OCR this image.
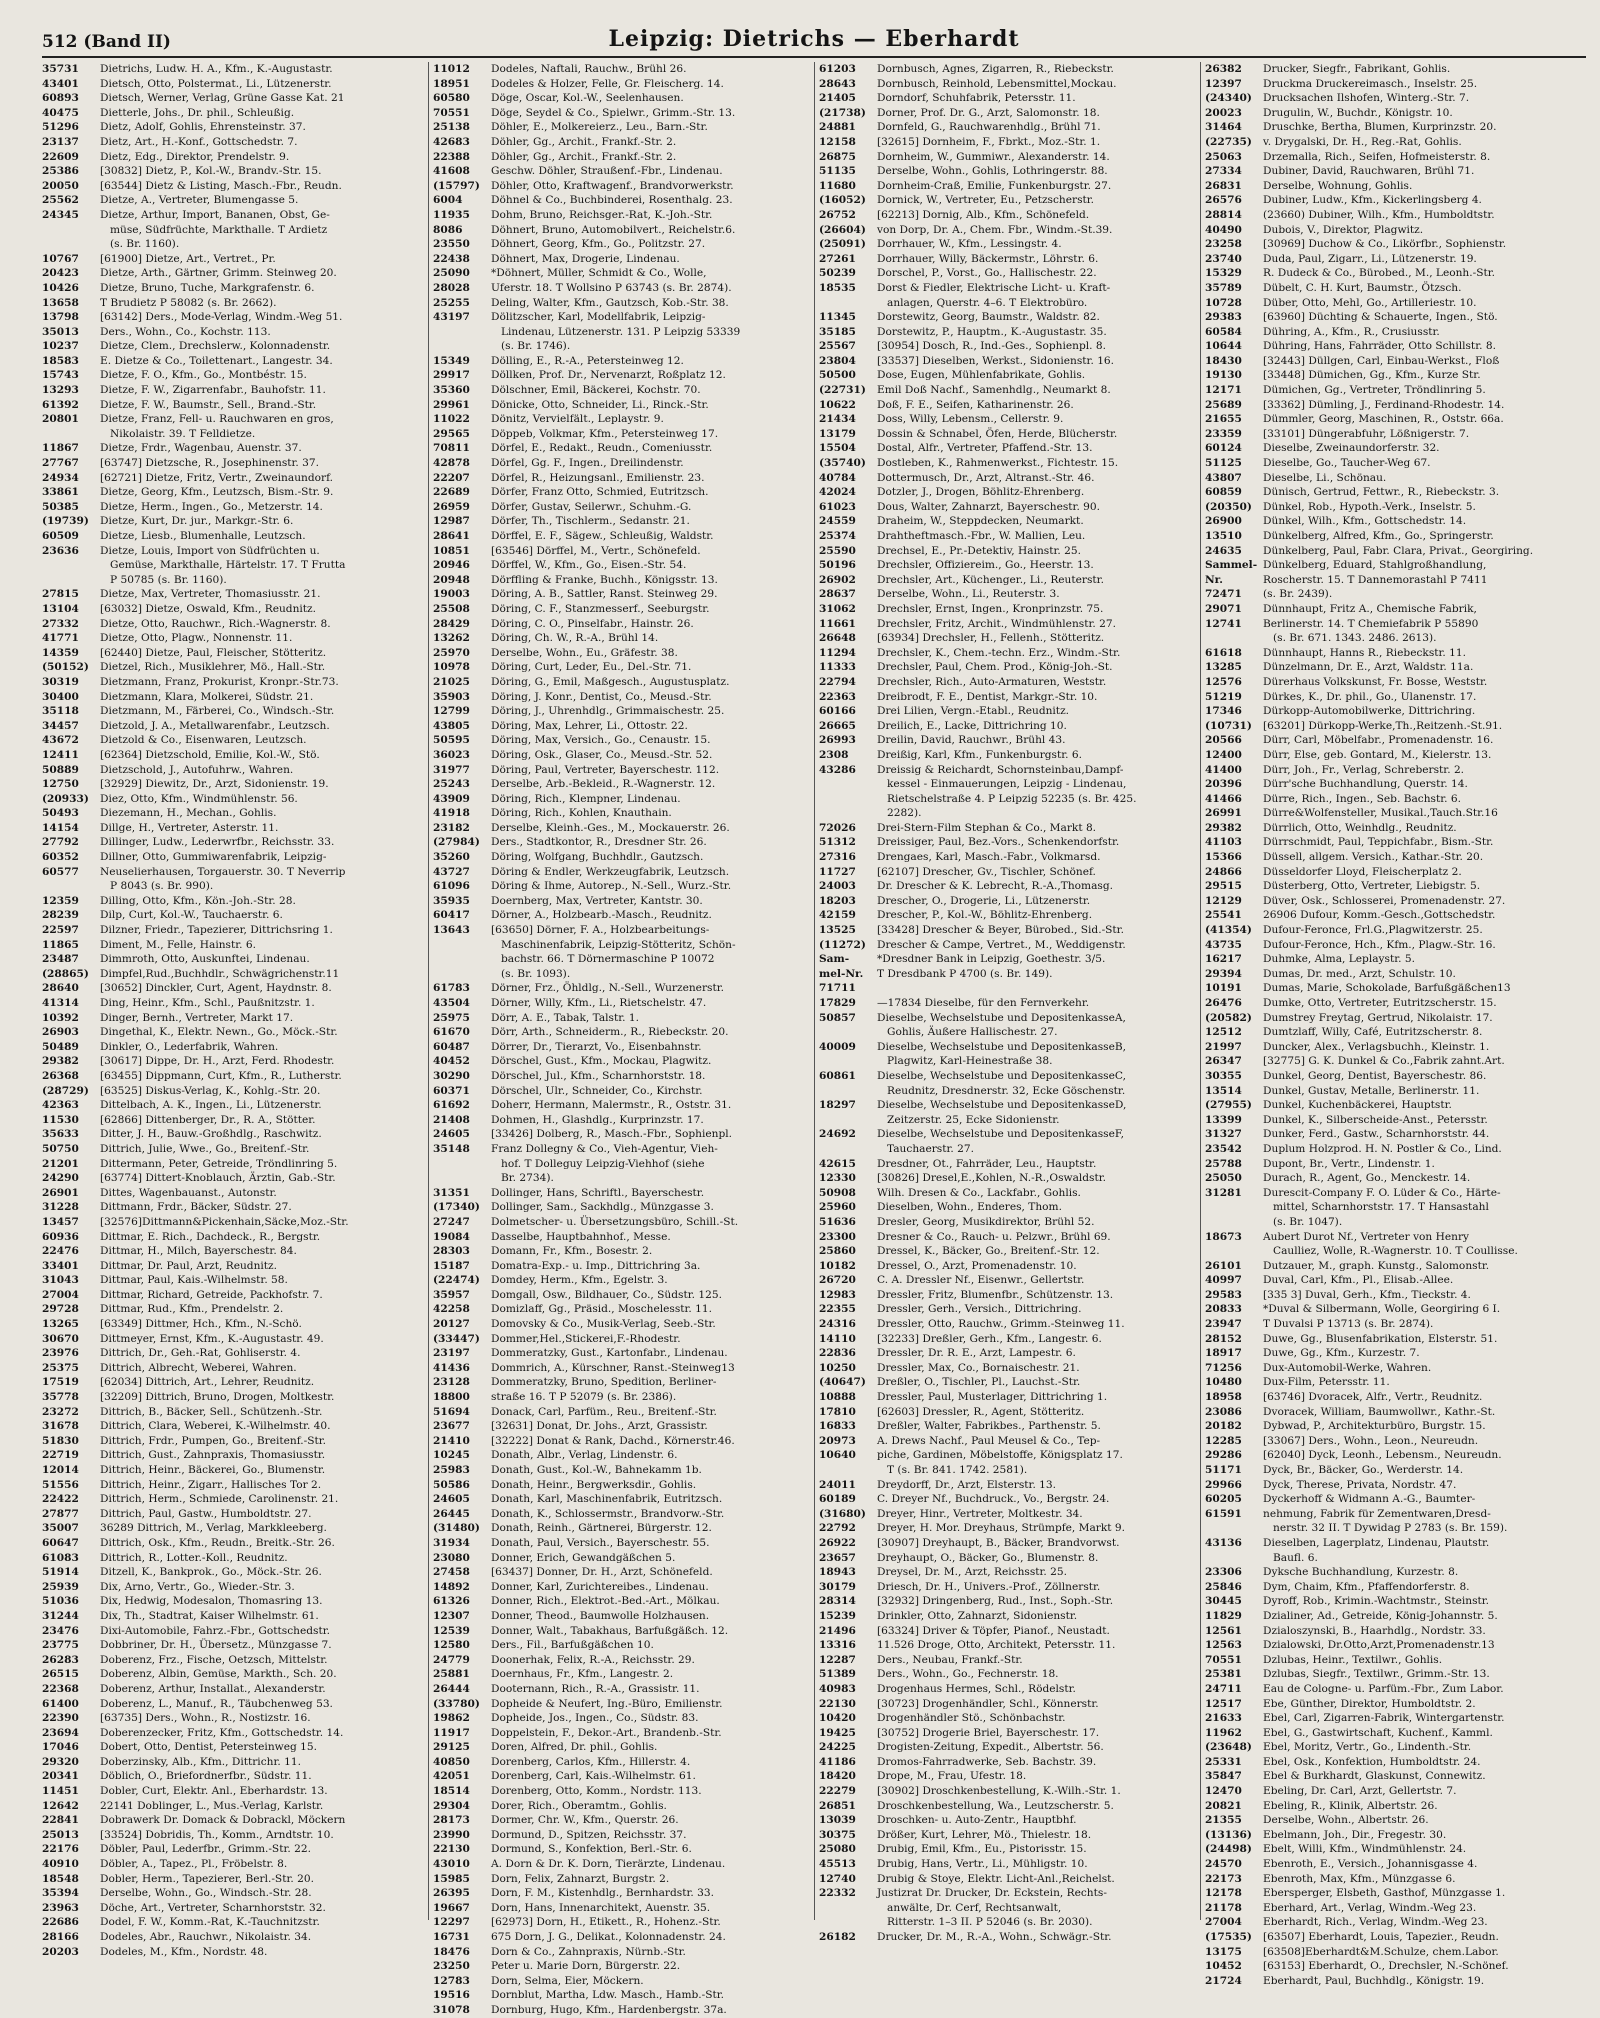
512 (Band II)	Leipzig: Dietrichs — Eberhardt
35731	Dietrichs, Ludw. H. A., Kfm., K.-Augustastr.
43401	Dietsch, Otto, Polstermat., Li., Lützenerstr.
60893	Dietsch, Werner, Verlag, Grüne Gasse Kat. 21
40475	Dietterle, Johs., Dr. phil., Schleußig.
51296	Dietz, Adolf, Gohlis, Ehrensteinstr. 37.
23137	Dietz, Art., H.-Konf., Gottschedstr. 7.
22609	Dietz, Edg., Direktor, Prendelstr. 9.
25386	[30832] Dietz, P., Kol.-W., Brandv.-Str. 15.
20050	[63544] Dietz & Listing, Masch.-Fbr., Reudn.
25562	Dietze, A., Vertreter, Blumengasse 5.
24345	Dietze, Arthur, Import, Bananen, Obst, Ge-
müse, Südfrüchte, Markthalle. T Ardietz
(s. Br. 1160).
10767	[61900] Dietze, Art., Vertret., Pr.
20423	Dietze, Arth., Gärtner, Grimm. Steinweg 20.
10426	Dietze, Bruno, Tuche, Markgrafenstr. 6.
13658	T Brudietz P 58082 (s. Br. 2662).
13798	[63142] Ders., Mode-Verlag, Windm.-Weg 51.
35013	Ders., Wohn., Co., Kochstr. 113.
10237	Dietze, Clem., Drechslerw., Kolonnadenstr.
18583	E. Dietze & Co., Toilettenart., Langestr. 34.
15743	Dietze, F. O., Kfm., Go., Montbéstr. 15.
13293	Dietze, F. W., Zigarrenfabr., Bauhofstr. 11.
61392	Dietze, F. W., Baumstr., Sell., Brand.-Str.
20801	Dietze, Franz, Fell- u. Rauchwaren en gros,
Nikolaistr. 39. T Felldietze.
11867	Dietze, Frdr., Wagenbau, Auenstr. 37.
27767	[63747] Dietzsche, R., Josephinenstr. 37.
24934	[62721] Dietze, Fritz, Vertr., Zweinaundorf.
33861	Dietze, Georg, Kfm., Leutzsch, Bism.-Str. 9.
50385	Dietze, Herm., Ingen., Go., Metzerstr. 14.
(19739)	Dietze, Kurt, Dr. jur., Markgr.-Str. 6.
60509	Dietze, Liesb., Blumenhalle, Leutzsch.
23636	Dietze, Louis, Import von Südfrüchten u.
Gemüse, Markthalle, Härtelstr. 17. T Frutta
P 50785 (s. Br. 1160).
27815	Dietze, Max, Vertreter, Thomasiusstr. 21.
13104	[63032] Dietze, Oswald, Kfm., Reudnitz.
27332	Dietze, Otto, Rauchwr., Rich.-Wagnerstr. 8.
41771	Dietze, Otto, Plagw., Nonnenstr. 11.
14359	[62440] Dietze, Paul, Fleischer, Stötteritz.
(50152)	Dietzel, Rich., Musiklehrer, Mö., Hall.-Str.
30319	Dietzmann, Franz, Prokurist, Kronpr.-Str.73.
30400	Dietzmann, Klara, Molkerei, Südstr. 21.
35118	Dietzmann, M., Färberei, Co., Windsch.-Str.
34457	Dietzold, J. A., Metallwarenfabr., Leutzsch.
43672	Dietzold & Co., Eisenwaren, Leutzsch.
12411	[62364] Dietzschold, Emilie, Kol.-W., Stö.
50889	Dietzschold, J., Autofuhrw., Wahren.
12750	[32929] Diewitz, Dr., Arzt, Sidonienstr. 19.
(20933)	Diez, Otto, Kfm., Windmühlenstr. 56.
50493	Diezemann, H., Mechan., Gohlis.
14154	Dillge, H., Vertreter, Asterstr. 11.
27792	Dillinger, Ludw., Lederwrfbr., Reichsstr. 33.
60352	Dillner, Otto, Gummiwarenfabrik, Leipzig-
60577	Neuselierhausen, Torgauerstr. 30. T Neverrip
P 8043 (s. Br. 990).
12359	Dilling, Otto, Kfm., Kön.-Joh.-Str. 28.
28239	Dilp, Curt, Kol.-W., Tauchaerstr. 6.
22597	Dilzner, Friedr., Tapezierer, Dittrichsring 1.
11865	Diment, M., Felle, Hainstr. 6.
23487	Dimmroth, Otto, Auskunftei, Lindenau.
(28865)	Dimpfel,Rud.,Buchhdlr., Schwägrichenstr.11
28640	[30652] Dinckler, Curt, Agent, Haydnstr. 8.
41314	Ding, Heinr., Kfm., Schl., Paußnitzstr. 1.
10392	Dinger, Bernh., Vertreter, Markt 17.
26903	Dingethal, K., Elektr. Newn., Go., Möck.-Str.
50489	Dinkler, O., Lederfabrik, Wahren.
29382	[30617] Dippe, Dr. H., Arzt, Ferd. Rhodestr.
26368	[63455] Dippmann, Curt, Kfm., R., Lutherstr.
(28729)	[63525] Diskus-Verlag, K., Kohlg.-Str. 20.
42363	Dittelbach, A. K., Ingen., Li., Lützenerstr.
11530	[62866] Dittenberger, Dr., R. A., Stötter.
35633	Ditter, J. H., Bauw.-Großhdlg., Raschwitz.
50750	Dittrich, Julie, Wwe., Go., Breitenf.-Str.
21201	Dittermann, Peter, Getreide, Tröndlinring 5.
24290	[63774] Dittert-Knoblauch, Ärztin, Gab.-Str.
26901	Dittes, Wagenbauanst., Autonstr.
31228	Dittmann, Frdr., Bäcker, Südstr. 27.
13457	[32576]Dittmann&Pickenhain,Säcke,Moz.-Str.
60936	Dittmar, E. Rich., Dachdeck., R., Bergstr.
22476	Dittmar, H., Milch, Bayerschestr. 84.
33401	Dittmar, Dr. Paul, Arzt, Reudnitz.
31043	Dittmar, Paul, Kais.-Wilhelmstr. 58.
27004	Dittmar, Richard, Getreide, Packhofstr. 7.
29728	Dittmar, Rud., Kfm., Prendelstr. 2.
13265	[63349] Dittmer, Hch., Kfm., N.-Schö.
30670	Dittmeyer, Ernst, Kfm., K.-Augustastr. 49.
23976	Dittrich, Dr., Geh.-Rat, Gohliserstr. 4.
25375	Dittrich, Albrecht, Weberei, Wahren.
17519	[62034] Dittrich, Art., Lehrer, Reudnitz.
35778	[32209] Dittrich, Bruno, Drogen, Moltkestr.
23272	Dittrich, B., Bäcker, Sell., Schützenh.-Str.
31678	Dittrich, Clara, Weberei, K.-Wilhelmstr. 40.
51830	Dittrich, Frdr., Pumpen, Go., Breitenf.-Str.
22719	Dittrich, Gust., Zahnpraxis, Thomasiusstr.
12014	Dittrich, Heinr., Bäckerei, Go., Blumenstr.
51556	Dittrich, Heinr., Zigarr., Hallisches Tor 2.
22422	Dittrich, Herm., Schmiede, Carolinenstr. 21.
27877	Dittrich, Paul, Gastw., Humboldtstr. 27.
35007	36289 Dittrich, M., Verlag, Markkleeberg.
60647	Dittrich, Osk., Kfm., Reudn., Breitk.-Str. 26.
61083	Dittrich, R., Lotter.-Koll., Reudnitz.
51914	Ditzell, K., Bankprok., Go., Möck.-Str. 26.
25939	Dix, Arno, Vertr., Go., Wieder.-Str. 3.
51036	Dix, Hedwig, Modesalon, Thomasring 13.
31244	Dix, Th., Stadtrat, Kaiser Wilhelmstr. 61.
23476	Dixi-Automobile, Fahrz.-Fbr., Gottschedstr.
23775	Dobbriner, Dr. H., Übersetz., Münzgasse 7.
26283	Doberenz, Frz., Fische, Oetzsch, Mittelstr.
26515	Doberenz, Albin, Gemüse, Markth., Sch. 20.
22368	Doberenz, Arthur, Installat., Alexanderstr.
61400	Doberenz, L., Manuf., R., Täubchenweg 53.
22390	[63735] Ders., Wohn., R., Nostizstr. 16.
23694	Doberenzecker, Fritz, Kfm., Gottschedstr. 14.
17046	Dobert, Otto, Dentist, Petersteinweg 15.
29320	Doberzinsky, Alb., Kfm., Dittrichr. 11.
20341	Döblich, O., Briefordnerfbr., Südstr. 11.
11451	Dobler, Curt, Elektr. Anl., Eberhardstr. 13.
12642	22141 Doblinger, L., Mus.-Verlag, Karlstr.
22841	Dobrawerk Dr. Domack & Dobrackl, Möckern
25013	[33524] Dobridis, Th., Komm., Arndtstr. 10.
22176	Döbler, Paul, Lederfbr., Grimm.-Str. 22.
40910	Döbler, A., Tapez., Pl., Fröbelstr. 8.
18548	Dobler, Herm., Tapezierer, Berl.-Str. 20.
35394	Derselbe, Wohn., Go., Windsch.-Str. 28.
23963	Döche, Art., Vertreter, Scharnhorststr. 32.
22686	Dodel, F. W., Komm.-Rat, K.-Tauchnitzstr.
28166	Dodeles, Abr., Rauchwr., Nikolaistr. 34.
20203	Dodeles, M., Kfm., Nordstr. 48.
11012	Dodeles, Naftali, Rauchw., Brühl 26.
18951	Dodeles & Holzer, Felle, Gr. Fleischerg. 14.
60580	Döge, Oscar, Kol.-W., Seelenhausen.
70551	Döge, Seydel & Co., Spielwr., Grimm.-Str. 13.
25138	Döhler, E., Molkereierz., Leu., Barn.-Str.
42683	Döhler, Gg., Archit., Frankf.-Str. 2.
22388	Döhler, Gg., Archit., Frankf.-Str. 2.
41608	Geschw. Döhler, Straußenf.-Fbr., Lindenau.
(15797)	Döhler, Otto, Kraftwagenf., Brandvorwerkstr.
6004	Döhnel & Co., Buchbinderei, Rosenthalg. 23.
11935	Dohm, Bruno, Reichsger.-Rat, K.-Joh.-Str.
8086	Döhnert, Bruno, Automobilvert., Reichelstr.6.
23550	Döhnert, Georg, Kfm., Go., Politzstr. 27.
22438	Döhnert, Max, Drogerie, Lindenau.
25090	*Döhnert, Müller, Schmidt & Co., Wolle,
28028	Uferstr. 18. T Wollsino P 63743 (s. Br. 2874).
25255	Deling, Walter, Kfm., Gautzsch, Kob.-Str. 38.
43197	Dölitzscher, Karl, Modellfabrik, Leipzig-
Lindenau, Lützenerstr. 131. P Leipzig 53339
(s. Br. 1746).
15349	Dölling, E., R.-A., Petersteinweg 12.
29917	Döllken, Prof. Dr., Nervenarzt, Roßplatz 12.
35360	Dölschner, Emil, Bäckerei, Kochstr. 70.
29961	Dönicke, Otto, Schneider, Li., Rinck.-Str.
11022	Dönitz, Vervielfält., Leplaystr. 9.
29565	Döppeb, Volkmar, Kfm., Petersteinweg 17.
70811	Dörfel, E., Redakt., Reudn., Comeniusstr.
42878	Dörfel, Gg. F., Ingen., Dreilindenstr.
22207	Dörfel, R., Heizungsanl., Emilienstr. 23.
22689	Dörfer, Franz Otto, Schmied, Eutritzsch.
26959	Dörfer, Gustav, Seilerwr., Schuhm.-G.
12987	Dörfer, Th., Tischlerm., Sedanstr. 21.
28641	Dörffel, E. F., Sägew., Schleußig, Waldstr.
10851	[63546] Dörffel, M., Vertr., Schönefeld.
20946	Dörffel, W., Kfm., Go., Eisen.-Str. 54.
20948	Dörffling & Franke, Buchh., Königsstr. 13.
19003	Döring, A. B., Sattler, Ranst. Steinweg 29.
25508	Döring, C. F., Stanzmesserf., Seeburgstr.
28429	Döring, C. O., Pinselfabr., Hainstr. 26.
13262	Döring, Ch. W., R.-A., Brühl 14.
25970	Derselbe, Wohn., Eu., Gräfestr. 38.
10978	Döring, Curt, Leder, Eu., Del.-Str. 71.
21025	Döring, G., Emil, Maßgesch., Augustusplatz.
35903	Döring, J. Konr., Dentist, Co., Meusd.-Str.
12799	Döring, J., Uhrenhdlg., Grimmaischestr. 25.
43805	Döring, Max, Lehrer, Li., Ottostr. 22.
50595	Döring, Max, Versich., Go., Cenaustr. 15.
36023	Döring, Osk., Glaser, Co., Meusd.-Str. 52.
31977	Döring, Paul, Vertreter, Bayerschestr. 112.
25243	Derselbe, Arb.-Bekleid., R.-Wagnerstr. 12.
43909	Döring, Rich., Klempner, Lindenau.
41918	Döring, Rich., Kohlen, Knauthain.
23182	Derselbe, Kleinh.-Ges., M., Mockauerstr. 26.
(27984)	Ders., Stadtkontor, R., Dresdner Str. 26.
35260	Döring, Wolfgang, Buchhdlr., Gautzsch.
43727	Döring & Endler, Werkzeugfabrik, Leutzsch.
61096	Döring & Ihme, Autorep., N.-Sell., Wurz.-Str.
35935	Doernberg, Max, Vertreter, Kantstr. 30.
60417	Dörner, A., Holzbearb.-Masch., Reudnitz.
13643	[63650] Dörner, F. A., Holzbearbeitungs-
Maschinenfabrik, Leipzig-Stötteritz, Schön-
bachstr. 66. T Dörnermaschine P 10072
(s. Br. 1093).
61783	Dörner, Frz., Öhldlg., N.-Sell., Wurzenerstr.
43504	Dörner, Willy, Kfm., Li., Rietschelstr. 47.
25975	Dörr, A. E., Tabak, Talstr. 1.
61670	Dörr, Arth., Schneiderm., R., Riebeckstr. 20.
60487	Dörrer, Dr., Tierarzt, Vo., Eisenbahnstr.
40452	Dörschel, Gust., Kfm., Mockau, Plagwitz.
30290	Dörschel, Jul., Kfm., Scharnhorststr. 18.
60371	Dörschel, Ulr., Schneider, Co., Kirchstr.
61692	Doherr, Hermann, Malermstr., R., Oststr. 31.
21408	Dohmen, H., Glashdlg., Kurprinzstr. 17.
24605	[33426] Dolberg, R., Masch.-Fbr., Sophienpl.
35148	Franz Dollegny & Co., Vieh-Agentur, Vieh-
hof. T Dolleguy Leipzig-Viehhof (siehe
Br. 2734).
31351	Dollinger, Hans, Schriftl., Bayerschestr.
(17340)	Dollinger, Sam., Sackhdlg., Münzgasse 3.
27247	Dolmetscher- u. Übersetzungsbüro, Schill.-St.
19084	Dasselbe, Hauptbahnhof., Messe.
28303	Domann, Fr., Kfm., Bosestr. 2.
15187	Domatra-Exp.- u. Imp., Dittrichring 3a.
(22474)	Domdey, Herm., Kfm., Egelstr. 3.
35957	Domgall, Osw., Bildhauer, Co., Südstr. 125.
42258	Domizlaff, Gg., Präsid., Moschelesstr. 11.
20127	Domovsky & Co., Musik-Verlag, Seeb.-Str.
(33447)	Dommer,Hel.,Stickerei,F.-Rhodestr.
23197	Dommeratzky, Gust., Kartonfabr., Lindenau.
41436	Dommrich, A., Kürschner, Ranst.-Steinweg13
23128	Dommeratzky, Bruno, Spedition, Berliner-
18800	straße 16. T P 52079 (s. Br. 2386).
51694	Donack, Carl, Parfüm., Reu., Breitenf.-Str.
23677	[32631] Donat, Dr. Johs., Arzt, Grassistr.
21410	[32222] Donat & Rank, Dachd., Körnerstr.46.
10245	Donath, Albr., Verlag, Lindenstr. 6.
25983	Donath, Gust., Kol.-W., Bahnekamm 1b.
50586	Donath, Heinr., Bergwerksdir., Gohlis.
24605	Donath, Karl, Maschinenfabrik, Eutritzsch.
26445	Donath, K., Schlossermstr., Brandvorw.-Str.
(31480)	Donath, Reinh., Gärtnerei, Bürgerstr. 12.
31934	Donath, Paul, Versich., Bayerschestr. 55.
23080	Donner, Erich, Gewandgäßchen 5.
27458	[63437] Donner, Dr. H., Arzt, Schönefeld.
14892	Donner, Karl, Zurichtereibes., Lindenau.
61326	Donner, Rich., Elektrot.-Bed.-Art., Mölkau.
12307	Donner, Theod., Baumwolle Holzhausen.
12539	Donner, Walt., Tabakhaus, Barfußgäßch. 12.
12580	Ders., Fil., Barfußgäßchen 10.
24779	Doonerhak, Felix, R.-A., Reichsstr. 29.
25881	Doernhaus, Fr., Kfm., Langestr. 2.
26444	Dooternann, Rich., R.-A., Grassistr. 11.
(33780)	Dopheide & Neufert, Ing.-Büro, Emilienstr.
19862	Dopheide, Jos., Ingen., Co., Südstr. 83.
11917	Doppelstein, F., Dekor.-Art., Brandenb.-Str.
29125	Doren, Alfred, Dr. phil., Gohlis.
40850	Dorenberg, Carlos, Kfm., Hillerstr. 4.
42051	Dorenberg, Carl, Kais.-Wilhelmstr. 61.
18514	Dorenberg, Otto, Komm., Nordstr. 113.
29304	Dorer, Rich., Oberamtm., Gohlis.
28173	Dormer, Chr. W., Kfm., Querstr. 26.
23990	Dormund, D., Spitzen, Reichsstr. 37.
22130	Dormund, S., Konfektion, Berl.-Str. 6.
43010	A. Dorn & Dr. K. Dorn, Tierärzte, Lindenau.
15985	Dorn, Felix, Zahnarzt, Burgstr. 2.
26395	Dorn, F. M., Kistenhdlg., Bernhardstr. 33.
19667	Dorn, Hans, Innenarchitekt, Auenstr. 35.
12297	[62973] Dorn, H., Etikett., R., Hohenz.-Str.
16731	675 Dorn, J. G., Delikat., Kolonnadenstr. 24.
18476	Dorn & Co., Zahnpraxis, Nürnb.-Str.
23250	Peter u. Marie Dorn, Bürgerstr. 22.
12783	Dorn, Selma, Eier, Möckern.
19516	Dornblut, Martha, Ldw. Masch., Hamb.-Str.
31078	Dornburg, Hugo, Kfm., Hardenbergstr. 37a.
61203	Dornbusch, Agnes, Zigarren, R., Riebeckstr.
28643	Dornbusch, Reinhold, Lebensmittel,Mockau.
21405	Dorndorf, Schuhfabrik, Petersstr. 11.
(21738)	Dorner, Prof. Dr. G., Arzt, Salomonstr. 18.
24881	Dornfeld, G., Rauchwarenhdlg., Brühl 71.
12158	[32615] Dornheim, F., Fbrkt., Moz.-Str. 1.
26875	Dornheim, W., Gummiwr., Alexanderstr. 14.
51135	Derselbe, Wohn., Gohlis, Lothringerstr. 88.
11680	Dornheim-Craß, Emilie, Funkenburgstr. 27.
(16052)	Dornick, W., Vertreter, Eu., Petzscherstr.
26752	[62213] Dornig, Alb., Kfm., Schönefeld.
(26604)	von Dorp, Dr. A., Chem. Fbr., Windm.-St.39.
(25091)	Dorrhauer, W., Kfm., Lessingstr. 4.
27261	Dorrhauer, Willy, Bäckermstr., Löhrstr. 6.
50239	Dorschel, P., Vorst., Go., Hallischestr. 22.
18535	Dorst & Fiedler, Elektrische Licht- u. Kraft-
anlagen, Querstr. 4–6. T Elektrobüro.
11345	Dorstewitz, Georg, Baumstr., Waldstr. 82.
35185	Dorstewitz, P., Hauptm., K.-Augustastr. 35.
25567	[30954] Dosch, R., Ind.-Ges., Sophienpl. 8.
23804	[33537] Dieselben, Werkst., Sidonienstr. 16.
50500	Dose, Eugen, Mühlenfabrikate, Gohlis.
(22731)	Emil Doß Nachf., Samenhdlg., Neumarkt 8.
10622	Doß, F. E., Seifen, Katharinenstr. 26.
21434	Doss, Willy, Lebensm., Cellerstr. 9.
13179	Dossin & Schnabel, Öfen, Herde, Blücherstr.
15504	Dostal, Alfr., Vertreter, Pfaffend.-Str. 13.
(35740)	Dostleben, K., Rahmenwerkst., Fichtestr. 15.
40784	Dottermusch, Dr., Arzt, Altranst.-Str. 46.
42024	Dotzler, J., Drogen, Böhlitz-Ehrenberg.
61023	Dous, Walter, Zahnarzt, Bayerschestr. 90.
24559	Draheim, W., Steppdecken, Neumarkt.
25374	Drahtheftmasch.-Fbr., W. Mallien, Leu.
25590	Drechsel, E., Pr.-Detektiv, Hainstr. 25.
50196	Drechsler, Offiziereim., Go., Heerstr. 13.
26902	Drechsler, Art., Küchenger., Li., Reuterstr.
28637	Derselbe, Wohn., Li., Reuterstr. 3.
31062	Drechsler, Ernst, Ingen., Kronprinzstr. 75.
11661	Drechsler, Fritz, Archit., Windmühlenstr. 27.
26648	[63934] Drechsler, H., Fellenh., Stötteritz.
11294	Drechsler, K., Chem.-techn. Erz., Windm.-Str.
11333	Drechsler, Paul, Chem. Prod., König-Joh.-St.
22794	Drechsler, Rich., Auto-Armaturen, Weststr.
22363	Dreibrodt, F. E., Dentist, Markgr.-Str. 10.
60166	Drei Lilien, Vergn.-Etabl., Reudnitz.
26665	Dreilich, E., Lacke, Dittrichring 10.
26993	Dreilin, David, Rauchwr., Brühl 43.
2308	Dreißig, Karl, Kfm., Funkenburgstr. 6.
43286	Dreissig & Reichardt, Schornsteinbau,Dampf-
kessel - Einmauerungen, Leipzig - Lindenau,
Rietschelstraße 4. P Leipzig 52235 (s. Br. 425.
2282).
72026	Drei-Stern-Film Stephan & Co., Markt 8.
51312	Dreissiger, Paul, Bez.-Vors., Schenkendorfstr.
27316	Drengaes, Karl, Masch.-Fabr., Volkmarsd.
11727	[62107] Drescher, Gv., Tischler, Schönef.
24003	Dr. Drescher & K. Lebrecht, R.-A.,Thomasg.
18203	Drescher, O., Drogerie, Li., Lützenerstr.
42159	Drescher, P., Kol.-W., Böhlitz-Ehrenberg.
13525	[33428] Drescher & Beyer, Bürobed., Sid.-Str.
(11272)	Drescher & Campe, Vertret., M., Weddigenstr.
Sam-	*Dresdner Bank in Leipzig, Goethestr. 3/5.
mel-Nr.	T Dresdbank P 4700 (s. Br. 149).
71711
17829	—17834 Dieselbe, für den Fernverkehr.
50857	Dieselbe, Wechselstube und DepositenkasseA,
Gohlis, Äußere Hallischestr. 27.
40009	Dieselbe, Wechselstube und DepositenkasseB,
Plagwitz, Karl-Heinestraße 38.
60861	Dieselbe, Wechselstube und DepositenkasseC,
Reudnitz, Dresdnerstr. 32, Ecke Göschenstr.
18297	Dieselbe, Wechselstube und DepositenkasseD,
Zeitzerstr. 25, Ecke Sidonienstr.
24692	Dieselbe, Wechselstube und DepositenkasseF,
Tauchaerstr. 27.
42615	Dresdner, Ot., Fahrräder, Leu., Hauptstr.
12330	[30826] Dresel,E.,Kohlen, N.-R.,Oswaldstr.
50908	Wilh. Dresen & Co., Lackfabr., Gohlis.
25960	Dieselben, Wohn., Enderes, Thom.
51636	Dresler, Georg, Musikdirektor, Brühl 52.
23300	Dresner & Co., Rauch- u. Pelzwr., Brühl 69.
25860	Dressel, K., Bäcker, Go., Breitenf.-Str. 12.
10182	Dressel, O., Arzt, Promenadenstr. 10.
26720	C. A. Dressler Nf., Eisenwr., Gellertstr.
12983	Dressler, Fritz, Blumenfbr., Schützenstr. 13.
22355	Dressler, Gerh., Versich., Dittrichring.
24316	Dressler, Otto, Rauchw., Grimm.-Steinweg 11.
14110	[32233] Dreßler, Gerh., Kfm., Langestr. 6.
22836	Dressler, Dr. R. E., Arzt, Lampestr. 6.
10250	Dressler, Max, Co., Bornaischestr. 21.
(40647)	Dreßler, O., Tischler, Pl., Lauchst.-Str.
10888	Dressler, Paul, Musterlager, Dittrichring 1.
17810	[62603] Dressler, R., Agent, Stötteritz.
16833	Dreßler, Walter, Fabrikbes., Parthenstr. 5.
20973	A. Drews Nachf., Paul Meusel & Co., Tep-
10640	piche, Gardinen, Möbelstoffe, Königsplatz 17.
T (s. Br. 841. 1742. 2581).
24011	Dreydorff, Dr., Arzt, Elsterstr. 13.
60189	C. Dreyer Nf., Buchdruck., Vo., Bergstr. 24.
(31680)	Dreyer, Hinr., Vertreter, Moltkestr. 34.
22792	Dreyer, H. Mor. Dreyhaus, Strümpfe, Markt 9.
26922	[30907] Dreyhaupt, B., Bäcker, Brandvorwst.
23657	Dreyhaupt, O., Bäcker, Go., Blumenstr. 8.
18943	Dreysel, Dr. M., Arzt, Reichsstr. 25.
30179	Driesch, Dr. H., Univers.-Prof., Zöllnerstr.
28314	[32932] Dringenberg, Rud., Inst., Soph.-Str.
15239	Drinkler, Otto, Zahnarzt, Sidonienstr.
21496	[63324] Driver & Töpfer, Pianof., Neustadt.
13316	11.526 Droge, Otto, Architekt, Petersstr. 11.
12287	Ders., Neubau, Frankf.-Str.
51389	Ders., Wohn., Go., Fechnerstr. 18.
40983	Drogenhaus Hermes, Schl., Rödelstr.
22130	[30723] Drogenhändler, Schl., Könnerstr.
10420	Drogenhändler Stö., Schönbachstr.
19425	[30752] Drogerie Briel, Bayerschestr. 17.
24225	Drogisten-Zeitung, Expedit., Albertstr. 56.
41186	Dromos-Fahrradwerke, Seb. Bachstr. 39.
18420	Drope, M., Frau, Ufestr. 18.
22279	[30902] Droschkenbestellung, K.-Wilh.-Str. 1.
26851	Droschkenbestellung, Wa., Leutzscherstr. 5.
13039	Droschken- u. Auto-Zentr., Hauptbhf.
30375	Drößer, Kurt, Lehrer, Mö., Thielestr. 18.
25080	Drubig, Emil, Kfm., Eu., Pistorisstr. 15.
45513	Drubig, Hans, Vertr., Li., Mühligstr. 10.
12740	Drubig & Stoye, Elektr. Licht-Anl.,Reichelst.
22332	Justizrat Dr. Drucker, Dr. Eckstein, Rechts-
anwälte, Dr. Cerf, Rechtsanwalt,
Ritterstr. 1–3 II. P 52046 (s. Br. 2030).
26182	Drucker, Dr. M., R.-A., Wohn., Schwägr.-Str.
26382	Drucker, Siegfr., Fabrikant, Gohlis.
12397	Druckma Druckereimasch., Inselstr. 25.
(24340)	Drucksachen Ilshofen, Winterg.-Str. 7.
20023	Drugulin, W., Buchdr., Königstr. 10.
31464	Druschke, Bertha, Blumen, Kurprinzstr. 20.
(22735)	v. Drygalski, Dr. H., Reg.-Rat, Gohlis.
25063	Drzemalla, Rich., Seifen, Hofmeisterstr. 8.
27334	Dubiner, David, Rauchwaren, Brühl 71.
26831	Derselbe, Wohnung, Gohlis.
26576	Dubiner, Ludw., Kfm., Kickerlingsberg 4.
28814	(23660) Dubiner, Wilh., Kfm., Humboldtstr.
40490	Dubois, V., Direktor, Plagwitz.
23258	[30969] Duchow & Co., Likörfbr., Sophienstr.
23740	Duda, Paul, Zigarr., Li., Lützenerstr. 19.
15329	R. Dudeck & Co., Bürobed., M., Leonh.-Str.
35789	Dübelt, C. H. Kurt, Baumstr., Ötzsch.
10728	Düber, Otto, Mehl, Go., Artilleriestr. 10.
29383	[63960] Düchting & Schauerte, Ingen., Stö.
60584	Dühring, A., Kfm., R., Crusiusstr.
10644	Dühring, Hans, Fahrräder, Otto Schillstr. 8.
18430	[32443] Düllgen, Carl, Einbau-Werkst., Floß
19130	[33448] Dümichen, Gg., Kfm., Kurze Str.
12171	Dümichen, Gg., Vertreter, Tröndlinring 5.
25689	[33362] Dümling, J., Ferdinand-Rhodestr. 14.
21655	Dümmler, Georg, Maschinen, R., Oststr. 66a.
23359	[33101] Düngerabfuhr, Lößnigerstr. 7.
60124	Dieselbe, Zweinaundorferstr. 32.
51125	Dieselbe, Go., Taucher-Weg 67.
43807	Dieselbe, Li., Schönau.
60859	Dünisch, Gertrud, Fettwr., R., Riebeckstr. 3.
(20350)	Dünkel, Rob., Hypoth.-Verk., Inselstr. 5.
26900	Dünkel, Wilh., Kfm., Gottschedstr. 14.
13510	Dünkelberg, Alfred, Kfm., Go., Springerstr.
24635	Dünkelberg, Paul, Fabr. Clara, Privat., Georgiring.
Sammel- Dünkelberg, Eduard, Stahlgroßhandlung,
Nr.	Roscherstr. 15. T Dannemorastahl P 7411
72471	(s. Br. 2439).
29071	Dünnhaupt, Fritz A., Chemische Fabrik,
12741	Berlinerstr. 14. T Chemiefabrik P 55890
(s. Br. 671. 1343. 2486. 2613).
61618	Dünnhaupt, Hanns R., Riebeckstr. 11.
13285	Dünzelmann, Dr. E., Arzt, Waldstr. 11a.
12576	Dürerhaus Volkskunst, Fr. Bosse, Weststr.
51219	Dürkes, K., Dr. phil., Go., Ulanenstr. 17.
17346	Dürkopp-Automobilwerke, Dittrichring.
(10731)	[63201] Dürkopp-Werke,Th.,Reitzenh.-St.91.
20566	Dürr, Carl, Möbelfabr., Promenadenstr. 16.
12400	Dürr, Else, geb. Gontard, M., Kielerstr. 13.
41400	Dürr, Joh., Fr., Verlag, Schreberstr. 2.
20396	Dürr'sche Buchhandlung, Querstr. 14.
41466	Dürre, Rich., Ingen., Seb. Bachstr. 6.
26991	Dürre&Wolfensteller, Musikal.,Tauch.Str.16
29382	Dürrlich, Otto, Weinhdlg., Reudnitz.
41103	Dürrschmidt, Paul, Teppichfabr., Bism.-Str.
15366	Düssell, allgem. Versich., Kathar.-Str. 20.
24866	Düsseldorfer Lloyd, Fleischerplatz 2.
29515	Düsterberg, Otto, Vertreter, Liebigstr. 5.
12129	Düver, Osk., Schlosserei, Promenadenstr. 27.
25541	26906 Dufour, Komm.-Gesch.,Gottschedstr.
(41354)	Dufour-Feronce, Frl.G.,Plagwitzerstr. 25.
43735	Dufour-Feronce, Hch., Kfm., Plagw.-Str. 16.
16217	Duhmke, Alma, Leplaystr. 5.
29394	Dumas, Dr. med., Arzt, Schulstr. 10.
10191	Dumas, Marie, Schokolade, Barfußgäßchen13
26476	Dumke, Otto, Vertreter, Eutritzscherstr. 15.
(20582)	Dumstrey Freytag, Gertrud, Nikolaistr. 17.
12512	Dumtzlaff, Willy, Café, Eutritzscherstr. 8.
21997	Duncker, Alex., Verlagsbuchh., Kleinstr. 1.
26347	[32775] G. K. Dunkel & Co.,Fabrik zahnt.Art.
30355	Dunkel, Georg, Dentist, Bayerschestr. 86.
13514	Dunkel, Gustav, Metalle, Berlinerstr. 11.
(27955)	Dunkel, Kuchenbäckerei, Hauptstr.
13399	Dunkel, K., Silberscheide-Anst., Petersstr.
31327	Dunker, Ferd., Gastw., Scharnhorststr. 44.
23542	Duplum Holzprod. H. N. Postler & Co., Lind.
25788	Dupont, Br., Vertr., Lindenstr. 1.
25050	Durach, R., Agent, Go., Menckestr. 14.
31281	Durescit-Company F. O. Lüder & Co., Härte-
mittel, Scharnhorststr. 17. T Hansastahl
(s. Br. 1047).
18673	Aubert Durot Nf., Vertreter von Henry
Caulliez, Wolle, R.-Wagnerstr. 10. T Coullisse.
26101	Dutzauer, M., graph. Kunstg., Salomonstr.
40997	Duval, Carl, Kfm., Pl., Elisab.-Allee.
29583	[335 3] Duval, Gerh., Kfm., Tieckstr. 4.
20833	*Duval & Silbermann, Wolle, Georgiring 6 I.
23947	T Duvalsi P 13713 (s. Br. 2874).
28152	Duwe, Gg., Blusenfabrikation, Elsterstr. 51.
18917	Duwe, Gg., Kfm., Kurzestr. 7.
71256	Dux-Automobil-Werke, Wahren.
10480	Dux-Film, Petersstr. 11.
18958	[63746] Dvoracek, Alfr., Vertr., Reudnitz.
23086	Dvoracek, William, Baumwollwr., Kathr.-St.
20182	Dybwad, P., Architekturbüro, Burgstr. 15.
12285	[33067] Ders., Wohn., Leon., Neureudn.
29286	[62040] Dyck, Leonh., Lebensm., Neureudn.
51171	Dyck, Br., Bäcker, Go., Werderstr. 14.
29966	Dyck, Therese, Privata, Nordstr. 47.
60205	Dyckerhoff & Widmann A.-G., Baumter-
61591	nehmung, Fabrik für Zementwaren,Dresd-
nerstr. 32 II. T Dywidag P 2783 (s. Br. 159).
43136	Dieselben, Lagerplatz, Lindenau, Plautstr.
Baufl. 6.
23306	Dyksche Buchhandlung, Kurzestr. 8.
25846	Dym, Chaim, Kfm., Pfaffendorferstr. 8.
30445	Dyroff, Rob., Krimin.-Wachtmstr., Steinstr.
11829	Dzialiner, Ad., Getreide, König-Johannstr. 5.
12561	Dzialoszynski, B., Haarhdlg., Nordstr. 33.
12563	Dzialowski, Dr.Otto,Arzt,Promenadenstr.13
70551	Dzlubas, Heinr., Textilwr., Gohlis.
25381	Dzlubas, Siegfr., Textilwr., Grimm.-Str. 13.
24711	Eau de Cologne- u. Parfüm.-Fbr., Zum Labor.
12517	Ebe, Günther, Direktor, Humboldtstr. 2.
21633	Ebel, Carl, Zigarren-Fabrik, Wintergartenstr.
11962	Ebel, G., Gastwirtschaft, Kuchenf., Kamml.
(23648)	Ebel, Moritz, Vertr., Go., Lindenth.-Str.
25331	Ebel, Osk., Konfektion, Humboldtstr. 24.
35847	Ebel & Burkhardt, Glaskunst, Connewitz.
12470	Ebeling, Dr. Carl, Arzt, Gellertstr. 7.
20821	Ebeling, R., Klinik, Albertstr. 26.
21355	Derselbe, Wohn., Albertstr. 26.
(13136)	Ebelmann, Joh., Dir., Fregestr. 30.
(24498)	Ebelt, Willi, Kfm., Windmühlenstr. 24.
24570	Ebenroth, E., Versich., Johannisgasse 4.
22173	Ebenroth, Max, Kfm., Münzgasse 6.
12178	Ebersperger, Elsbeth, Gasthof, Münzgasse 1.
21178	Eberhard, Art., Verlag, Windm.-Weg 23.
27004	Eberhardt, Rich., Verlag, Windm.-Weg 23.
(17535)	[63507] Eberhardt, Louis, Tapezier., Reudn.
13175	[63508]Eberhardt&M.Schulze, chem.Labor.
10452	[63153] Eberhardt, O., Drechsler, N.-Schönef.
21724	Eberhardt, Paul, Buchhdlg., Königstr. 19.
